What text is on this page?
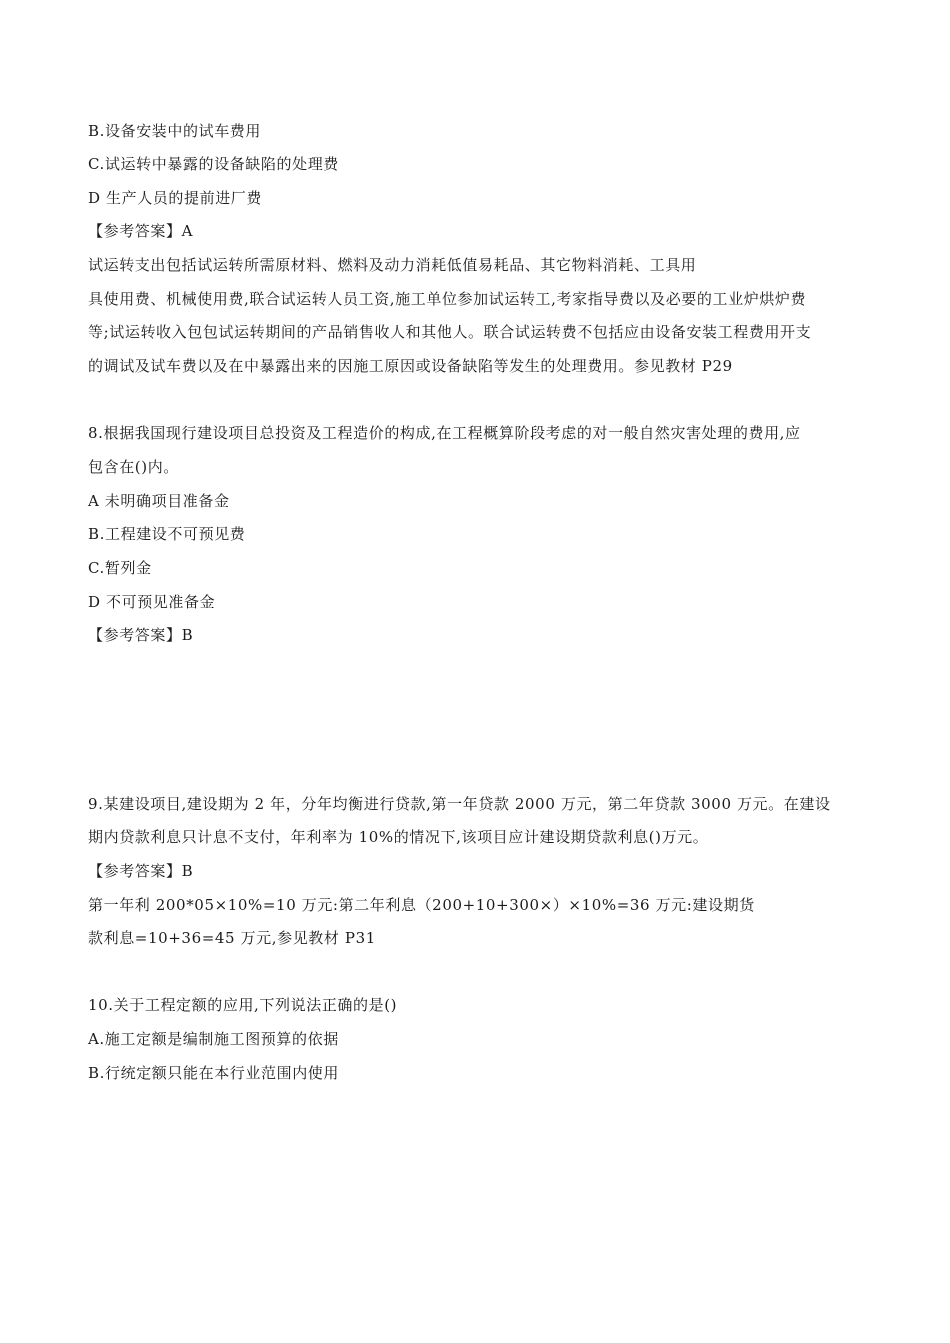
B.设备安装中的试车费用
C.试运转中暴露的设备缺陷的处理费
D 生产人员的提前进厂费
【参考答案】A
试运转支出包括试运转所需原材料、燃料及动力消耗低值易耗品、其它物料消耗、工具用
具使用费、机械使用费,联合试运转人员工资,施工单位参加试运转工,考家指导费以及必要的工业炉烘炉费
等;试运转收入包包试运转期间的产品销售收人和其他人。联合试运转费不包括应由设备安装工程费用开支
的调试及试车费以及在中暴露出来的因施工原因或设备缺陷等发生的处理费用。参见教材 P29
8.根据我国现行建设项目总投资及工程造价的构成,在工程概算阶段考虑的对一般自然灾害处理的费用,应
包含在()内。
A 未明确项目准备金
B.工程建设不可预见费
C.暂列金
D 不可预见准备金
【参考答案】B
9.某建设项目,建设期为 2 年，分年均衡进行贷款,第一年贷款 2000 万元，第二年贷款 3000 万元。在建设
期内贷款利息只计息不支付，年利率为 10%的情况下,该项目应计建设期贷款利息()万元。
【参考答案】B
第一年利 200*05×10%=10 万元:第二年利息（200+10+300×）×10%=36 万元:建设期货
款利息=10+36=45 万元,参见教材 P31
10.关于工程定额的应用,下列说法正确的是()
A.施工定额是编制施工图预算的依据
B.行统定额只能在本行业范围内使用
